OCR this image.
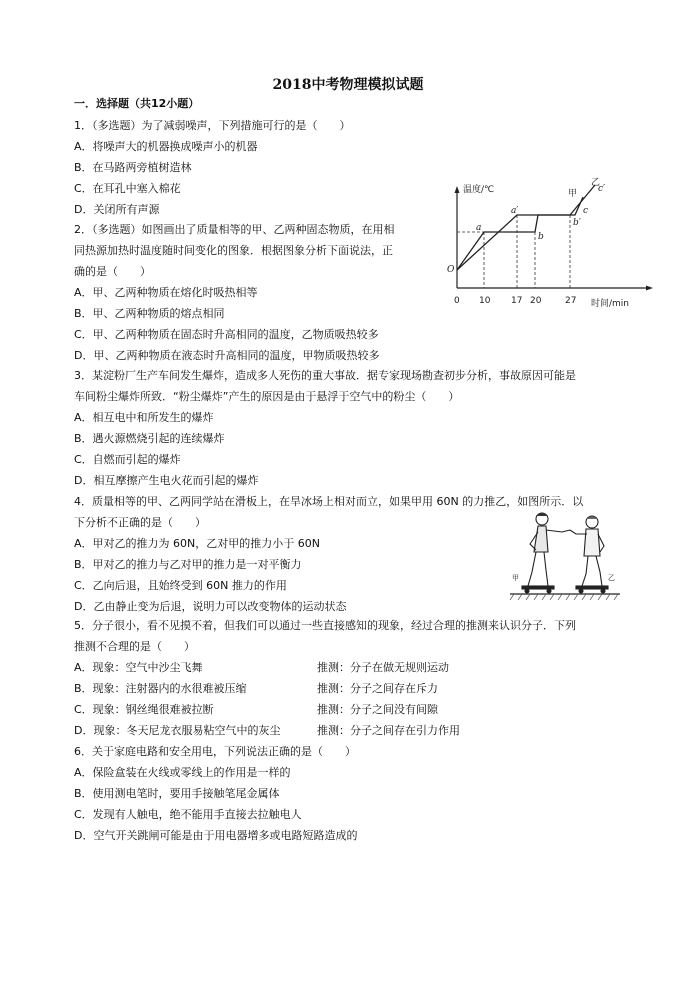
2018中考物理模拟试题
一．选择题（共12小题）
1．（多选题）为了减弱噪声，下列措施可行的是（　　）
A．将噪声大的机器换成噪声小的机器
B．在马路两旁植树造林
C．在耳孔中塞入棉花
D．关闭所有声源
2．（多选题）如图画出了质量相等的甲、乙两种固态物质，在用相
同热源加热时温度随时间变化的图象．根据图象分析下面说法，正
确的是（　　）
A．甲、乙两种物质在熔化时吸热相等
B．甲、乙两种物质的熔点相同
C．甲、乙两种物质在固态时升高相同的温度，乙物质吸热较多
D．甲、乙两种物质在液态时升高相同的温度，甲物质吸热较多
温度/℃
时间/min
O
0 10 17 20	27
a
a′
b
b′
c
c′
甲
乙
3．某淀粉厂生产车间发生爆炸，造成多人死伤的重大事故．据专家现场勘查初步分析，事故原因可能是
车间粉尘爆炸所致．“粉尘爆炸”产生的原因是由于悬浮于空气中的粉尘（　　）
A．相互电中和所发生的爆炸
B．遇火源燃烧引起的连续爆炸
C．自燃而引起的爆炸
D．相互摩擦产生电火花而引起的爆炸
4．质量相等的甲、乙两同学站在滑板上，在旱冰场上相对而立，如果甲用 60N 的力推乙，如图所示．以
下分析不正确的是（　　）
A．甲对乙的推力为 60N，乙对甲的推力小于 60N
B．甲对乙的推力与乙对甲的推力是一对平衡力
C．乙向后退，且始终受到 60N 推力的作用
D．乙由静止变为后退，说明力可以改变物体的运动状态
甲	乙
5．分子很小，看不见摸不着，但我们可以通过一些直接感知的现象，经过合理的推测来认识分子．下列
推测不合理的是（　　）
A．现象：空气中沙尘飞舞	推测：分子在做无规则运动
B．现象：注射器内的水很难被压缩	推测：分子之间存在斥力
C．现象：钢丝绳很难被拉断	推测：分子之间没有间隙
D．现象：冬天尼龙衣服易粘空气中的灰尘	推测：分子之间存在引力作用
6．关于家庭电路和安全用电，下列说法正确的是（　　）
A．保险盒装在火线或零线上的作用是一样的
B．使用测电笔时，要用手接触笔尾金属体
C．发现有人触电，绝不能用手直接去拉触电人
D．空气开关跳闸可能是由于用电器增多或电路短路造成的
